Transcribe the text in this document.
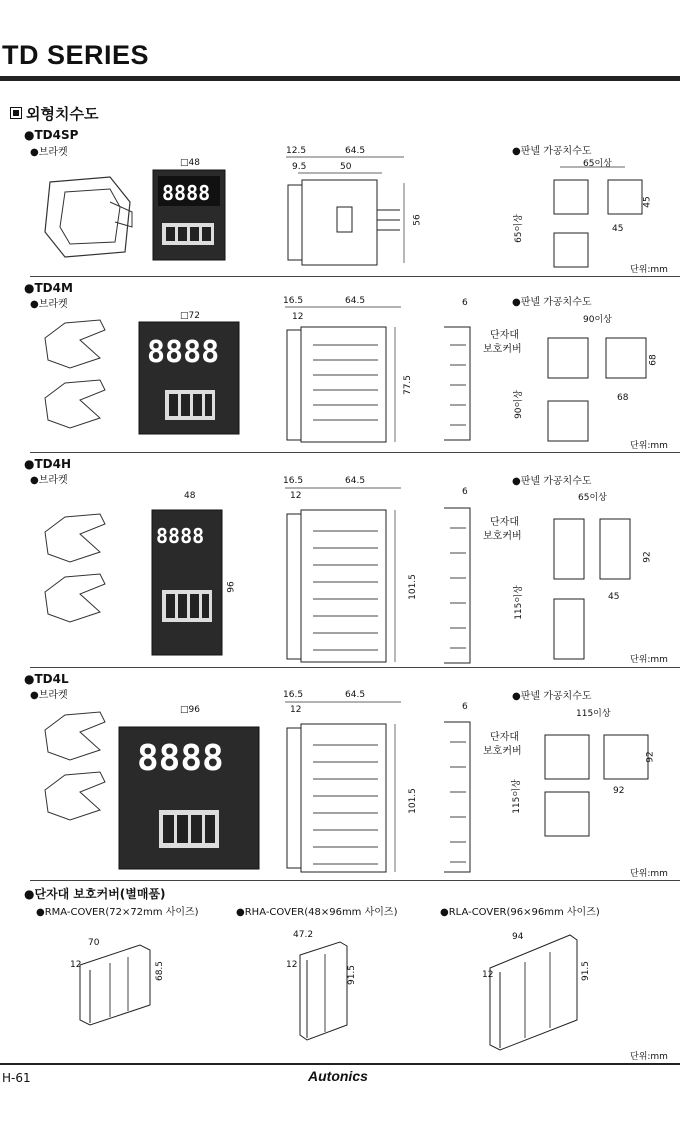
TD SERIES
외형치수도
●TD4SP
●브라켓
□48
8888
12.5	64.5
9.5	50
56
●판넬 가공치수도
65이상
45
45
65이상
단위:mm
●TD4M
●브라켓
□72
8888
16.5	64.5
12
77.5
6
단자대
보호커버
●판넬 가공치수도
90이상
68
68
90이상
단위:mm
●TD4H
●브라켓
48
96
8888
16.5	64.5
12
101.5
6
단자대
보호커버
●판넬 가공치수도
65이상
92
45
115이상
단위:mm
●TD4L
●브라켓
□96
8888
16.5	64.5
12
101.5
6
단자대
보호커버
●판넬 가공치수도
115이상
92
92
115이상
단위:mm
●단자대 보호커버(별매품)
●RMA-COVER(72×72mm 사이즈)	●RHA-COVER(48×96mm 사이즈)	●RLA-COVER(96×96mm 사이즈)
70
12	68.5
47.2
12	91.5
94
12	91.5
단위:mm
H-61	Autonics
